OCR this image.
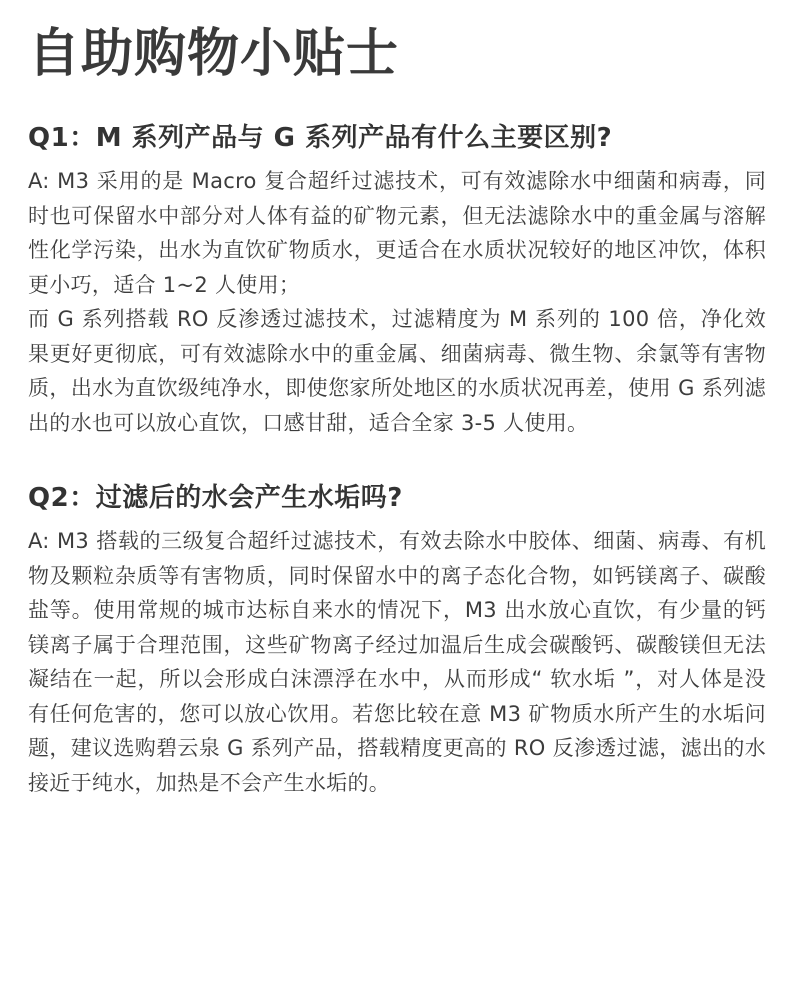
自助购物小贴士
Q1：M 系列产品与 G 系列产品有什么主要区别?

A: M3 采用的是 Macro 复合超纤过滤技术，可有效滤除水中细菌和病毒，同时也可保留水中部分对人体有益的矿物元素，但无法滤除水中的重金属与溶解性化学污染，出水为直饮矿物质水，更适合在水质状况较好的地区冲饮，体积更小巧，适合 1~2 人使用；

而 G 系列搭载 RO 反渗透过滤技术，过滤精度为 M 系列的 100 倍，净化效果更好更彻底，可有效滤除水中的重金属、细菌病毒、微生物、余氯等有害物质，出水为直饮级纯净水，即使您家所处地区的水质状况再差，使用 G 系列滤出的水也可以放心直饮，口感甘甜，适合全家 3-5 人使用。

Q2：过滤后的水会产生水垢吗?

A: M3 搭载的三级复合超纤过滤技术，有效去除水中胶体、细菌、病毒、有机物及颗粒杂质等有害物质，同时保留水中的离子态化合物，如钙镁离子、碳酸盐等。使用常规的城市达标自来水的情况下，M3 出水放心直饮，有少量的钙镁离子属于合理范围，这些矿物离子经过加温后生成会碳酸钙、碳酸镁但无法凝结在一起，所以会形成白沫漂浮在水中，从而形成“ 软水垢 ”，对人体是没有任何危害的，您可以放心饮用。若您比较在意 M3 矿物质水所产生的水垢问题，建议选购碧云泉 G 系列产品，搭载精度更高的 RO 反渗透过滤，滤出的水接近于纯水，加热是不会产生水垢的。
